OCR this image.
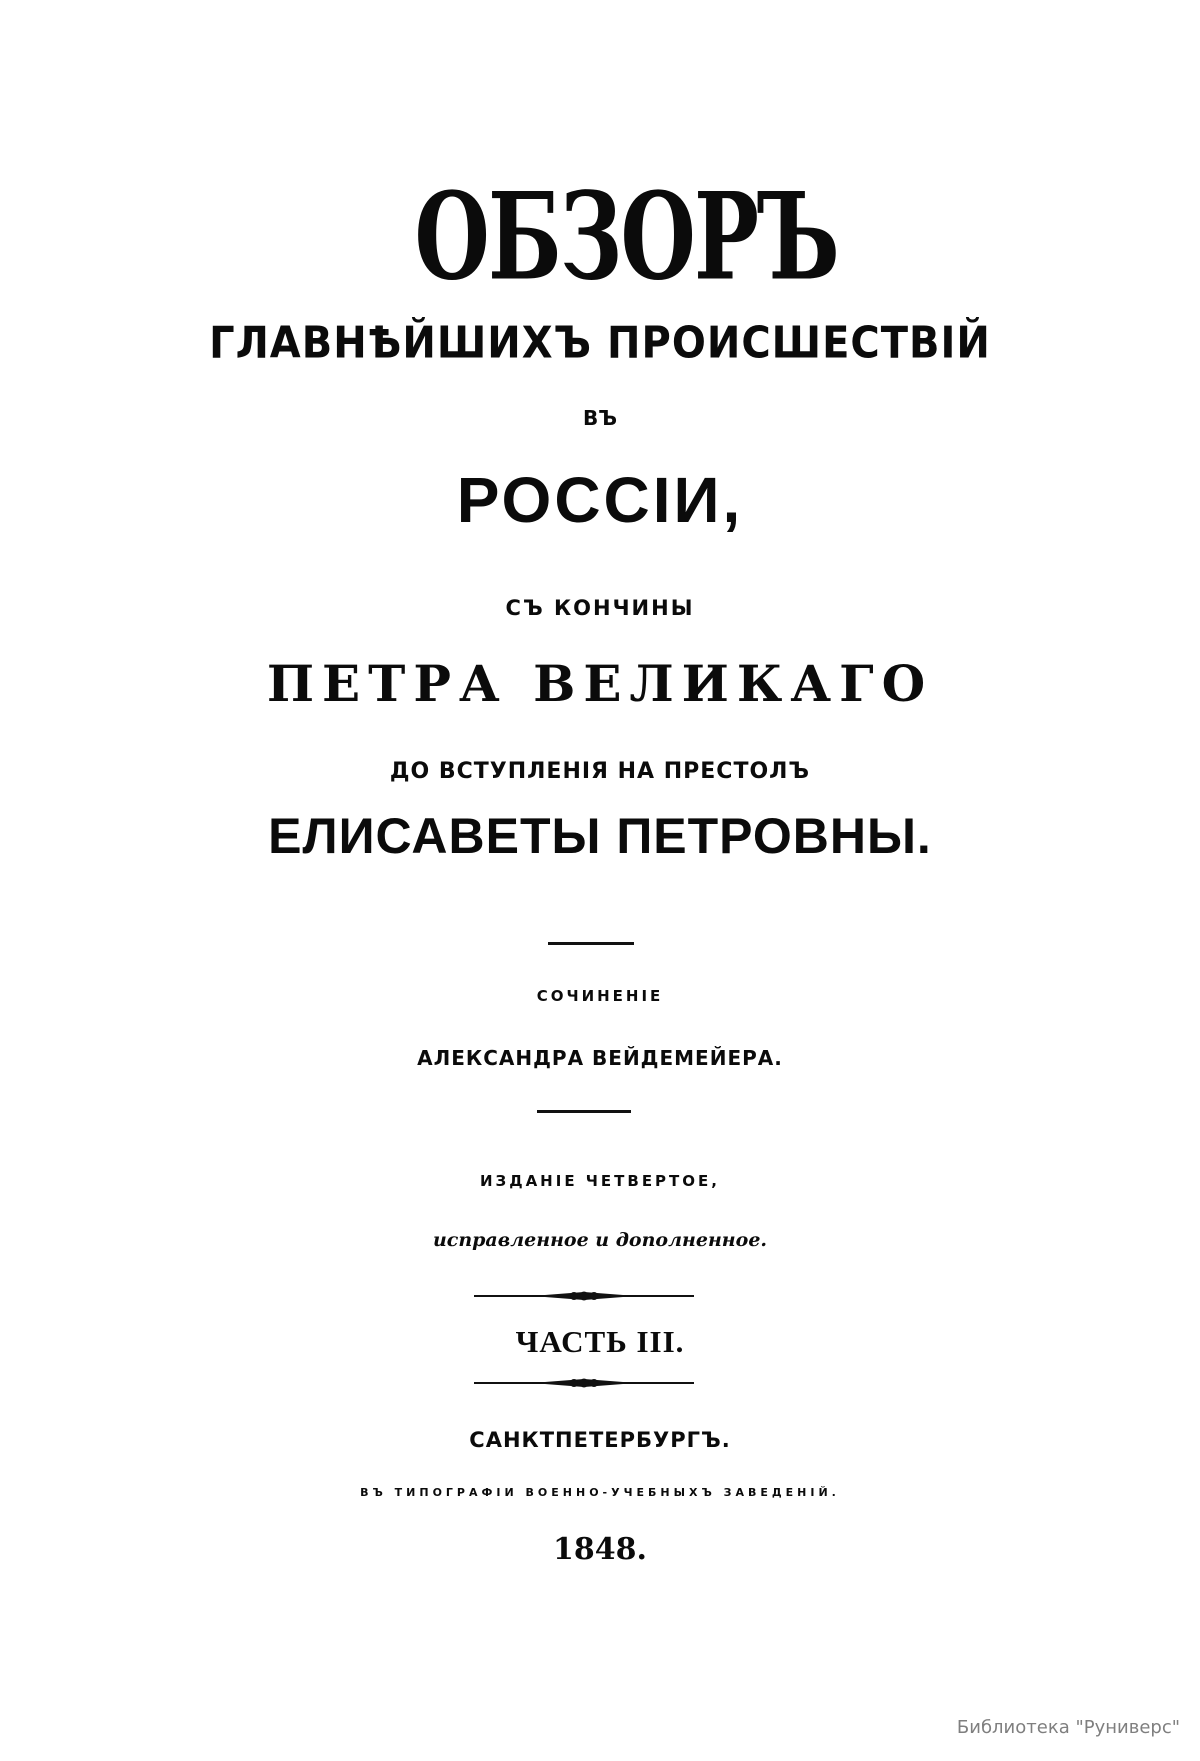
ОБЗОРЪ
ГЛАВНѢЙШИХЪ ПРОИСШЕСТВІЙ
ВЪ
РОССІИ,
СЪ КОНЧИНЫ
ПЕТРА ВЕЛИКАГО
ДО ВСТУПЛЕНІЯ НА ПРЕСТОЛЪ
ЕЛИСАВЕТЫ ПЕТРОВНЫ.
СОЧИНЕНІЕ
АЛЕКСАНДРА ВЕЙДЕМЕЙЕРА.
ИЗДАНІЕ ЧЕТВЕРТОЕ,
исправленное и дополненное.
ЧАСТЬ III.
САНКТПЕТЕРБУРГЪ.
ВЪ ТИПОГРАФІИ ВОЕННО-УЧЕБНЫХЪ ЗАВЕДЕНІЙ.
1848.
Библиотека "Руниверс"
